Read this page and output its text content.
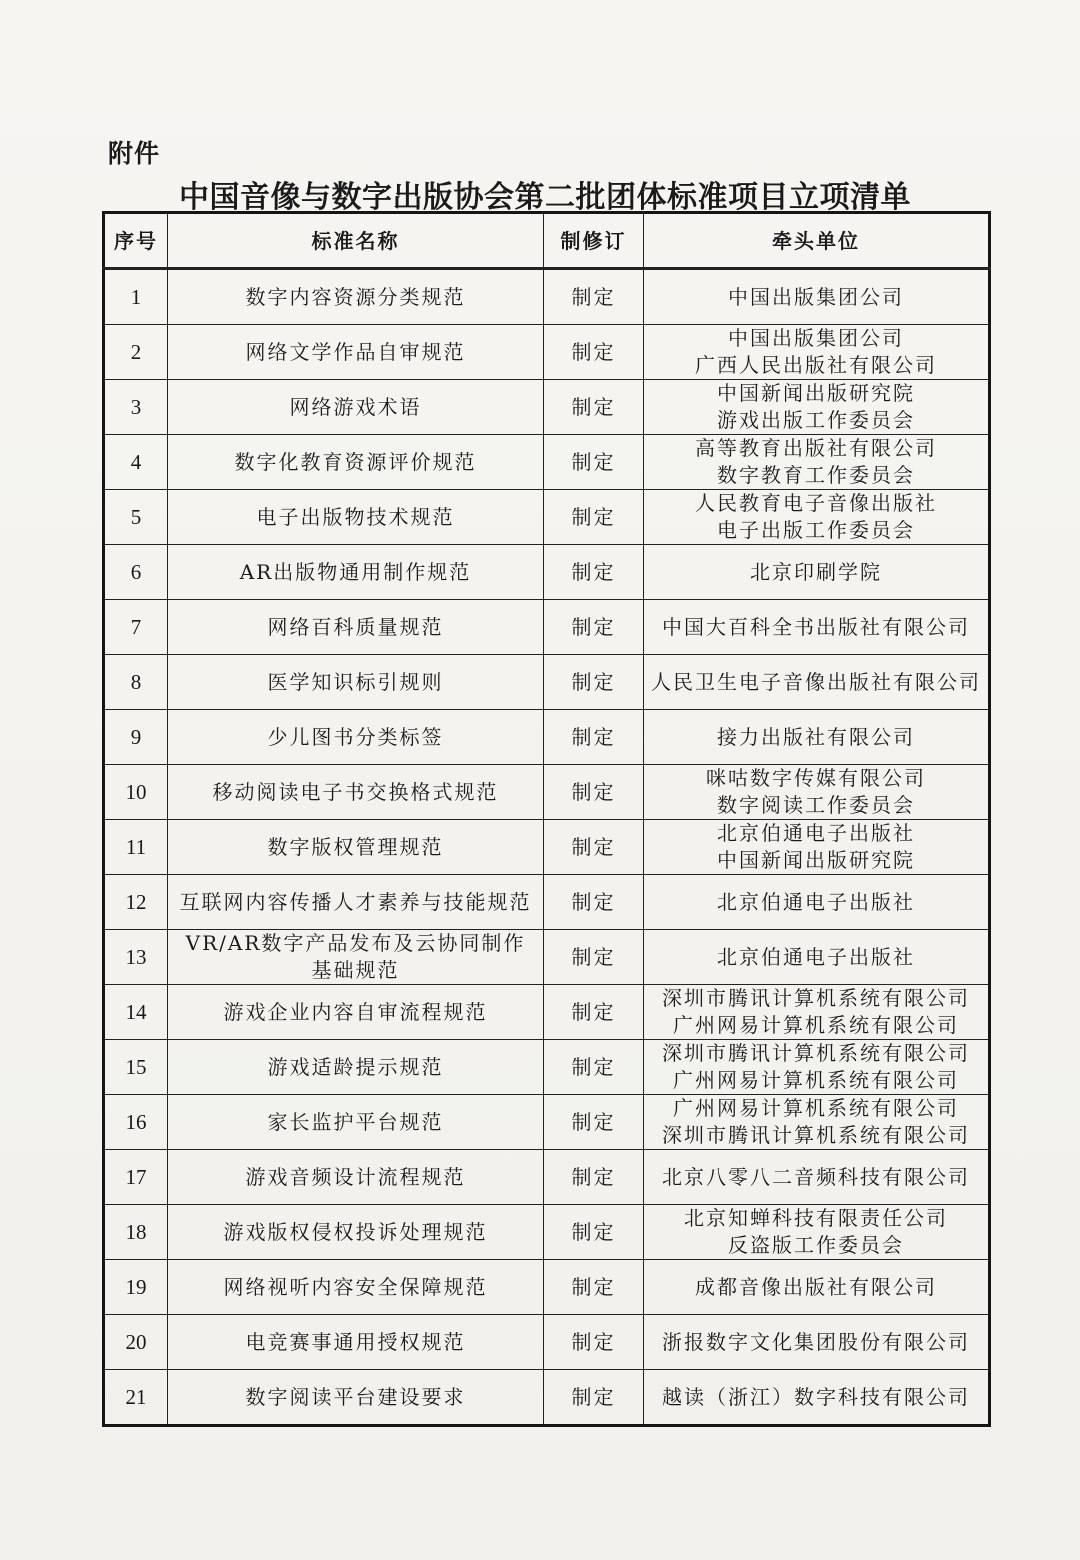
附件
中国音像与数字出版协会第二批团体标准项目立项清单
序号	标准名称	制修订	牵头单位
1	数字内容资源分类规范	制定	中国出版集团公司

2	网络文学作品自审规范	制定	中国出版集团公司
广西人民出版社有限公司

3	网络游戏术语	制定	中国新闻出版研究院
游戏出版工作委员会

4	数字化教育资源评价规范	制定	高等教育出版社有限公司
数字教育工作委员会

5	电子出版物技术规范	制定	人民教育电子音像出版社
电子出版工作委员会

6	AR出版物通用制作规范	制定	北京印刷学院

7	网络百科质量规范	制定	中国大百科全书出版社有限公司

8	医学知识标引规则	制定	人民卫生电子音像出版社有限公司

9	少儿图书分类标签	制定	接力出版社有限公司

10	移动阅读电子书交换格式规范	制定	咪咕数字传媒有限公司
数字阅读工作委员会

11	数字版权管理规范	制定	北京伯通电子出版社
中国新闻出版研究院

12	互联网内容传播人才素养与技能规范	制定	北京伯通电子出版社

13	VR/AR数字产品发布及云协同制作
基础规范	制定	北京伯通电子出版社

14	游戏企业内容自审流程规范	制定	深圳市腾讯计算机系统有限公司
广州网易计算机系统有限公司

15	游戏适龄提示规范	制定	深圳市腾讯计算机系统有限公司
广州网易计算机系统有限公司

16	家长监护平台规范	制定	广州网易计算机系统有限公司
深圳市腾讯计算机系统有限公司

17	游戏音频设计流程规范	制定	北京八零八二音频科技有限公司

18	游戏版权侵权投诉处理规范	制定	北京知蝉科技有限责任公司
反盗版工作委员会

19	网络视听内容安全保障规范	制定	成都音像出版社有限公司

20	电竞赛事通用授权规范	制定	浙报数字文化集团股份有限公司

21	数字阅读平台建设要求	制定	越读（浙江）数字科技有限公司
